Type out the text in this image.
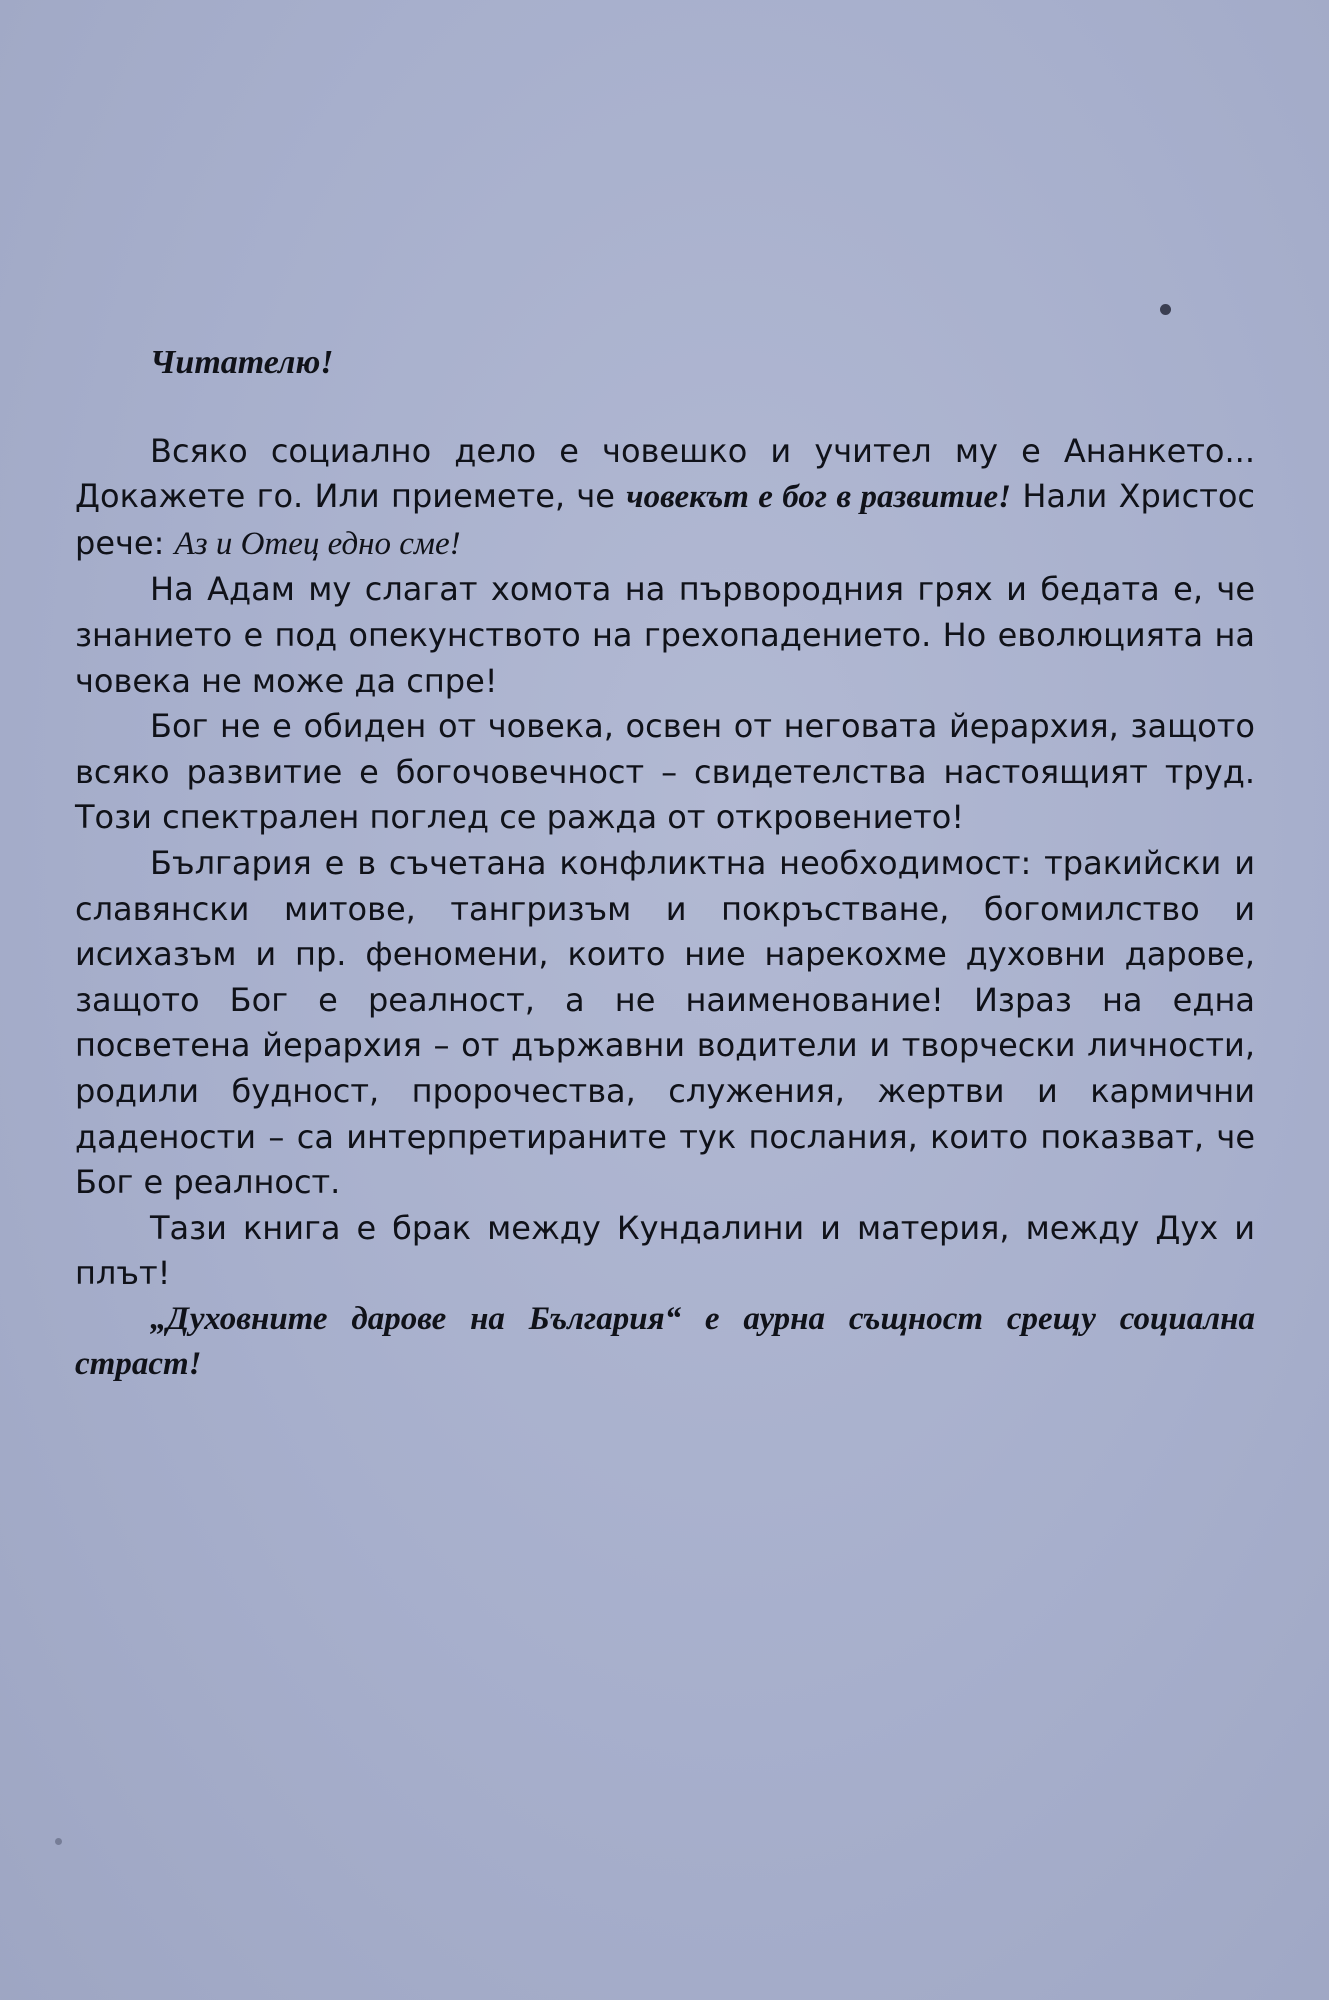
Читателю!

Всяко социално дело е човешко и учител му е Ананкето... Докажете го. Или приемете, че човекът е бог в развитие! Нали Христос рече: Аз и Отец едно сме!

На Адам му слагат хомота на първородния грях и бедата е, че знанието е под опекунството на грехопадението. Но еволюцията на човека не може да спре!

Бог не е обиден от човека, освен от неговата йерархия, защото всяко развитие е богочовечност – свидетелства настоящият труд. Този спектрален поглед се ражда от откровението!

България е в съчетана конфликтна необходимост: тракийски и славянски митове, тангризъм и покръстване, богомилство и исихазъм и пр. феномени, които ние нарекохме духовни дарове, защото Бог е реалност, а не наименование! Израз на една посветена йерархия – от държавни водители и творчески личности, родили будност, пророчества, служения, жертви и кармични дадености – са интерпретираните тук послания, които показват, че Бог е реалност.

Тази книга е брак между Кундалини и материя, между Дух и плът!

„Духовните дарове на България“ е аурна същност срещу социална страст!
